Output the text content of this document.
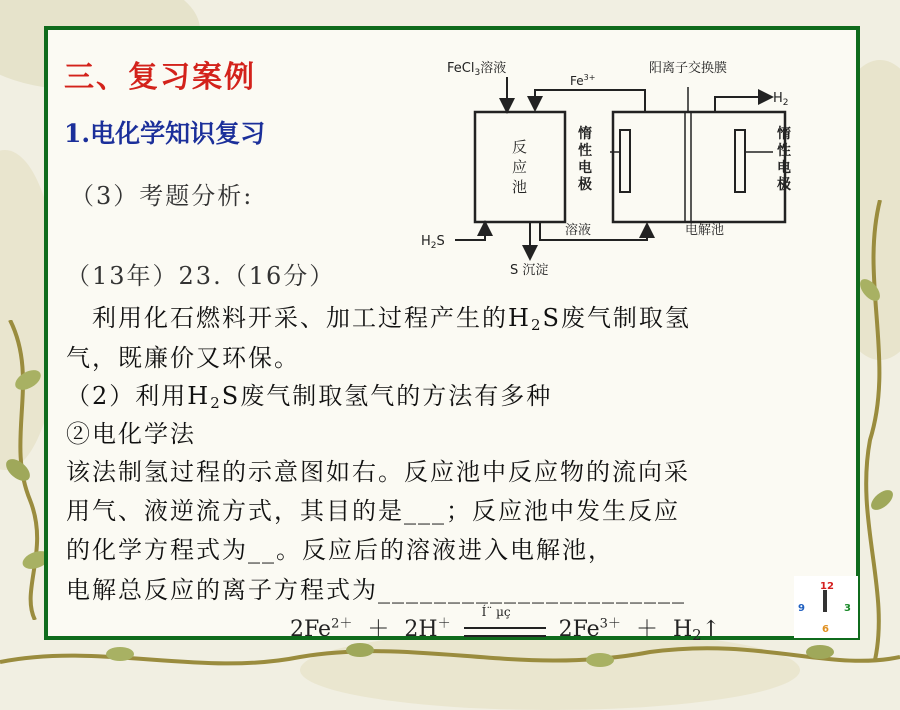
三、复习案例
1.电化学知识复习
（3）考题分析:
（13年）23.（16分）
　利用化石燃料开采、加工过程产生的$H_2S$废气制取氢
气，既廉价又环保。
（2）利用$H_2S$废气制取氢气的方法有多种
②电化学法
该法制氢过程的示意图如右。反应池中反应物的流向采
用气、液逆流方式，其目的是___；反应池中发生反应
的化学方程式为__。反应后的溶液进入电解池，
电解总反应的离子方程式为______________________
$2Fe^{2+} + 2H^+$
Í¨ µç
$2Fe^{3+}$ ＋ $H_2↑$
12
3
6
9
FeCl$_3$溶液	阳离子交换膜
$Fe^{3+}$
$H_2$
反
应
池
惰
性
电
极
惰
性
电
极
$H_2S$
溶液	电解池
S 沉淀
